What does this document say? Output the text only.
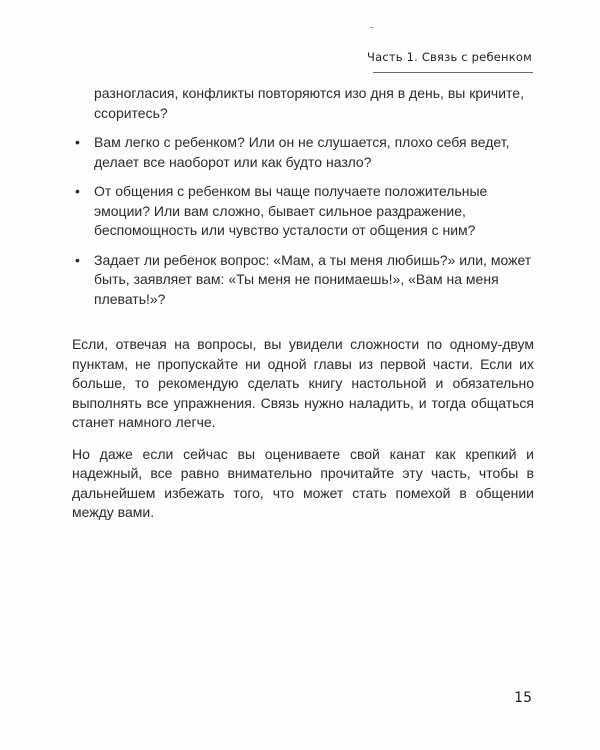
Часть 1. Связь с ребенком
разногласия, конфликты повторяются изо дня в день, вы кричите, ссоритесь?
• Вам легко с ребенком? Или он не слушается, плохо себя ведет, делает все наоборот или как будто назло?
• От общения с ребенком вы чаще получаете положительные эмоции? Или вам сложно, бывает сильное раздражение, беспомощность или чувство усталости от общения с ним?
• Задает ли ребенок вопрос: «Мам, а ты меня любишь?» или, может быть, заявляет вам: «Ты меня не понимаешь!», «Вам на меня плевать!»?

Если, отвечая на вопросы, вы увидели сложности по одному-двум пунктам, не пропускайте ни одной главы из первой части. Если их больше, то рекомендую сделать книгу настольной и обязательно выполнять все упражнения. Связь нужно наладить, и тогда общаться станет намного легче.

Но даже если сейчас вы оцениваете свой канат как крепкий и надежный, все равно внимательно прочитайте эту часть, чтобы в дальнейшем избежать того, что может стать помехой в общении между вами.

15
